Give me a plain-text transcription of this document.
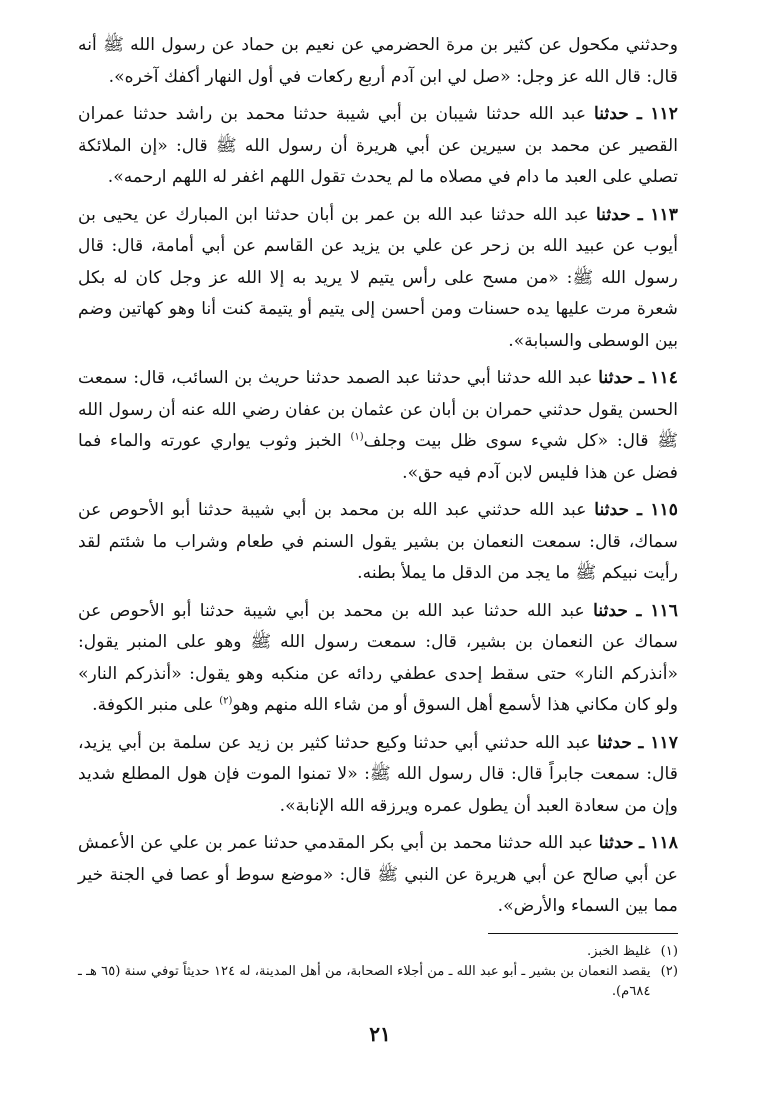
وحدثني مكحول عن كثير بن مرة الحضرمي عن نعيم بن حماد عن رسول الله ﷺ أنه قال: قال الله عز وجل: «صل لي ابن آدم أربع ركعات في أول النهار أكفك آخره».

١١٢ ـ حدثنا عبد الله حدثنا شيبان بن أبي شيبة حدثنا محمد بن راشد حدثنا عمران القصير عن محمد بن سيرين عن أبي هريرة أن رسول الله ﷺ قال: «إن الملائكة تصلي على العبد ما دام في مصلاه ما لم يحدث تقول اللهم اغفر له اللهم ارحمه».

١١٣ ـ حدثنا عبد الله حدثنا عبد الله بن عمر بن أبان حدثنا ابن المبارك عن يحيى بن أيوب عن عبيد الله بن زحر عن علي بن يزيد عن القاسم عن أبي أمامة، قال: قال رسول الله ﷺ: «من مسح على رأس يتيم لا يريد به إلا الله عز وجل كان له بكل شعرة مرت عليها يده حسنات ومن أحسن إلى يتيم أو يتيمة كنت أنا وهو كهاتين وضم بين الوسطى والسبابة».

١١٤ ـ حدثنا عبد الله حدثنا أبي حدثنا عبد الصمد حدثنا حريث بن السائب، قال: سمعت الحسن يقول حدثني حمران بن أبان عن عثمان بن عفان رضي الله عنه أن رسول الله ﷺ قال: «كل شيء سوى ظل بيت وجلف$^{(١)}$ الخبز وثوب يواري عورته والماء فما فضل عن هذا فليس لابن آدم فيه حق».

١١٥ ـ حدثنا عبد الله حدثني عبد الله بن محمد بن أبي شيبة حدثنا أبو الأحوص عن سماك، قال: سمعت النعمان بن بشير يقول السنم في طعام وشراب ما شئتم لقد رأيت نبيكم ﷺ ما يجد من الدقل ما يملأ بطنه.

١١٦ ـ حدثنا عبد الله حدثنا عبد الله بن محمد بن أبي شيبة حدثنا أبو الأحوص عن سماك عن النعمان بن بشير، قال: سمعت رسول الله ﷺ وهو على المنبر يقول: «أنذركم النار» حتى سقط إحدى عطفي ردائه عن منكبه وهو يقول: «أنذركم النار» ولو كان مكاني هذا لأسمع أهل السوق أو من شاء الله منهم وهو$^{(٢)}$ على منبر الكوفة.

١١٧ ـ حدثنا عبد الله حدثني أبي حدثنا وكيع حدثنا كثير بن زيد عن سلمة بن أبي يزيد، قال: سمعت جابراً قال: قال رسول الله ﷺ: «لا تمنوا الموت فإن هول المطلع شديد وإن من سعادة العبد أن يطول عمره ويرزقه الله الإنابة».

١١٨ ـ حدثنا عبد الله حدثنا محمد بن أبي بكر المقدمي حدثنا عمر بن علي عن الأعمش عن أبي صالح عن أبي هريرة عن النبي ﷺ قال: «موضع سوط أو عصا في الجنة خير مما بين السماء والأرض».

(١)
غليظ الخبز.
(٢)
يقصد النعمان بن بشير ـ أبو عبد الله ـ من أجلاء الصحابة، من أهل المدينة، له ١٢٤ حديثاً توفي سنة (٦٥ هـ ـ ٦٨٤م).
٢١
